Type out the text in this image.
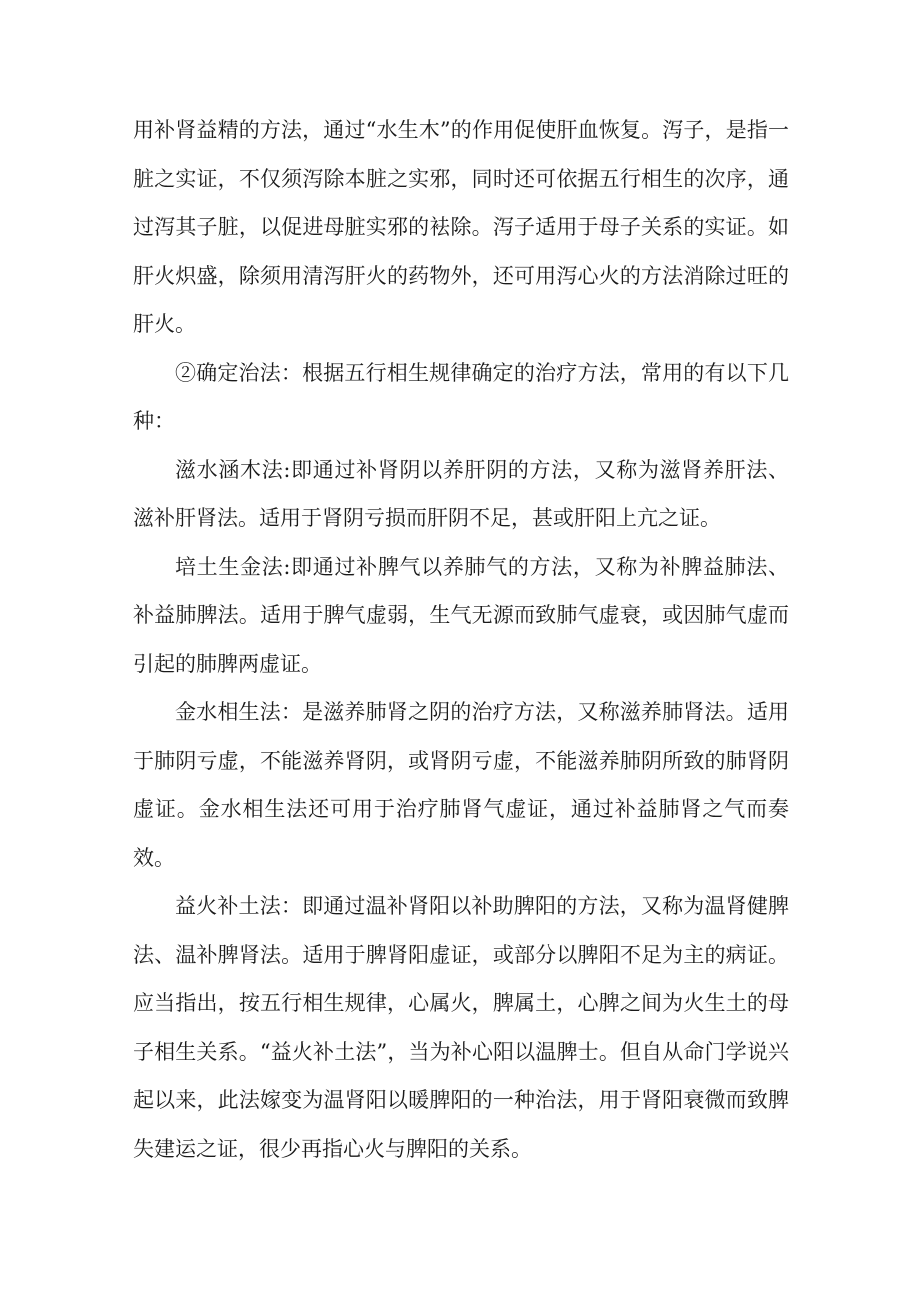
用补肾益精的方法，通过“水生木”的作用促使肝血恢复。泻子，是指一脏之实证，不仅须泻除本脏之实邪，同时还可依据五行相生的次序，通过泻其子脏，以促进母脏实邪的袪除。泻子适用于母子关系的实证。如肝火炽盛，除须用清泻肝火的药物外，还可用泻心火的方法消除过旺的肝火。

②确定治法：根据五行相生规律确定的治疗方法，常用的有以下几种：

滋水涵木法:即通过补肾阴以养肝阴的方法，又称为滋肾养肝法、滋补肝肾法。适用于肾阴亏损而肝阴不足，甚或肝阳上亢之证。

培土生金法:即通过补脾气以养肺气的方法，又称为补脾益肺法、补益肺脾法。适用于脾气虚弱，生气无源而致肺气虚衰，或因肺气虚而引起的肺脾两虚证。

金水相生法：是滋养肺肾之阴的治疗方法，又称滋养肺肾法。适用于肺阴亏虚，不能滋养肾阴，或肾阴亏虚，不能滋养肺阴所致的肺肾阴虚证。金水相生法还可用于治疗肺肾气虚证，通过补益肺肾之气而奏效。

益火补土法：即通过温补肾阳以补助脾阳的方法，又称为温肾健脾法、温补脾肾法。适用于脾肾阳虚证，或部分以脾阳不足为主的病证。应当指出，按五行相生规律，心属火，脾属土，心脾之间为火生土的母子相生关系。“益火补土法”，当为补心阳以温脾士。但自从命门学说兴起以来，此法嫁变为温肾阳以暖脾阳的一种治法，用于肾阳衰微而致脾失建运之证，很少再指心火与脾阳的关系。
